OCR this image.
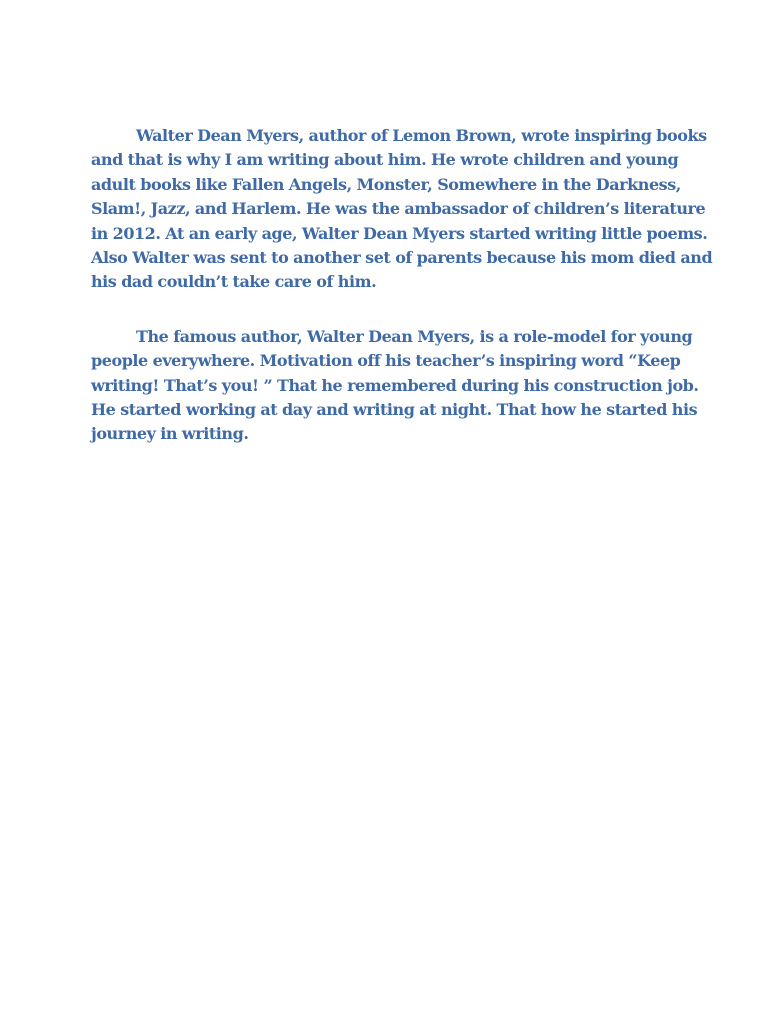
Walter Dean Myers, author of Lemon Brown, wrote inspiring books
and that is why I am writing about him. He wrote children and young
adult books like Fallen Angels, Monster, Somewhere in the Darkness,
Slam!, Jazz, and Harlem. He was the ambassador of children’s literature
in 2012. At an early age, Walter Dean Myers started writing little poems.
Also Walter was sent to another set of parents because his mom died and
his dad couldn’t take care of him.

The famous author, Walter Dean Myers, is a role-model for young
people everywhere. Motivation off his teacher’s inspiring word “Keep
writing! That’s you! ” That he remembered during his construction job.
He started working at day and writing at night. That how he started his
journey in writing.
